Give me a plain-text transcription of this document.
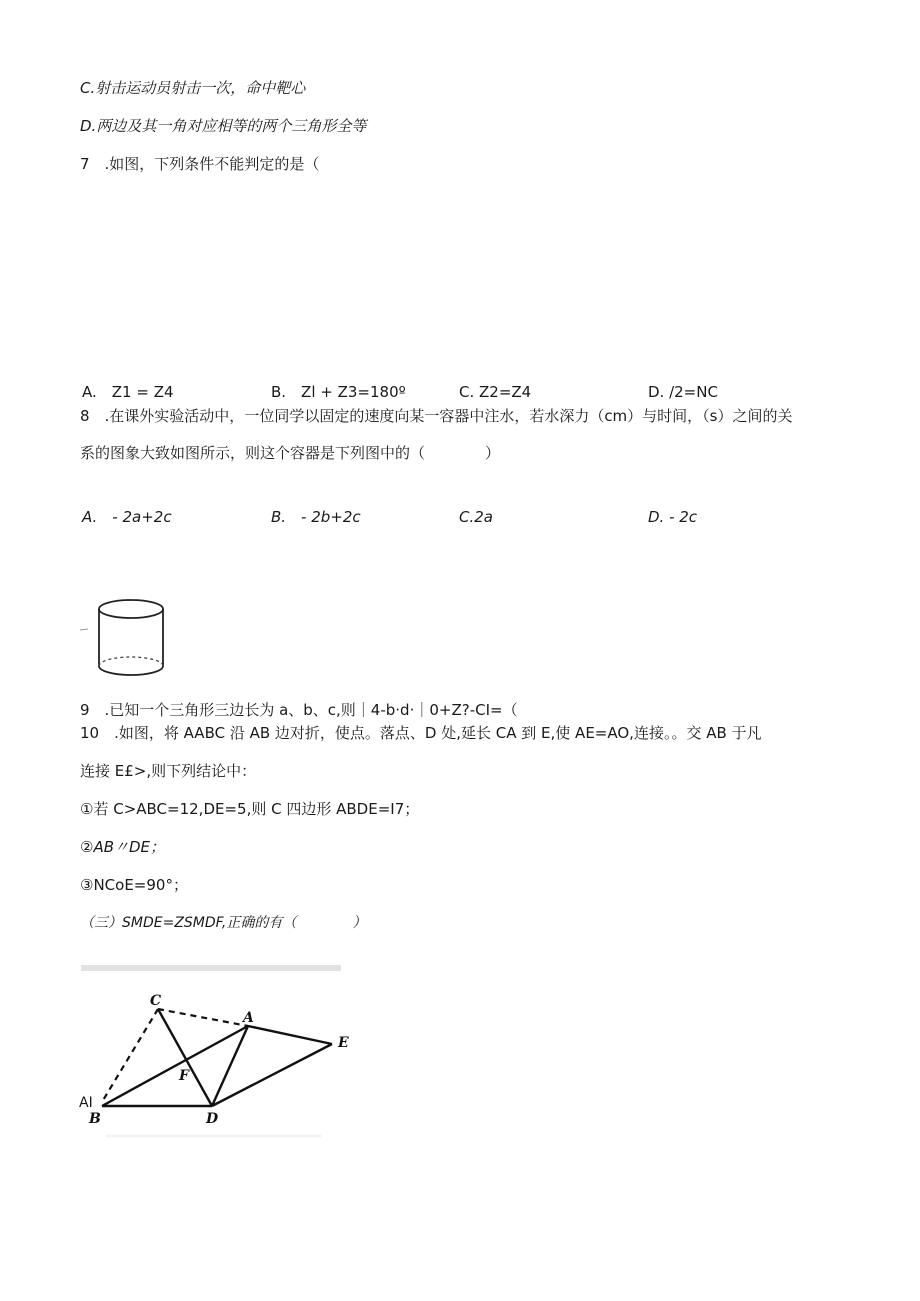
C.射击运动员射击一次，命中靶心
D.两边及其一角对应相等的两个三角形全等
7　.如图，下列条件不能判定的是（
A.　Z1 = Z4	B.　Zl + Z3=180º	C. Z2=Z4	D. /2=NC
8　.在课外实验活动中，一位同学以固定的速度向某一容器中注水，若水深力（cm）与时间，（s）之间的关
系的图象大致如图所示，则这个容器是下列图中的（　　　　）
A.　- 2a+2c	B.　- 2b+2c	C.2a	D. - 2c
9　.已知一个三角形三边长为 a、b、c,则｜4-b·d·｜0+Z?-CI=（
10　.如图，将 AABC 沿 AB 边对折，使点。落点、D 处,延长 CA 到 E,使 AE=AO,连接。。交 AB 于凡
连接 E£>,则下列结论中：
①若 C>ABC=12,DE=5,则 C 四边形 ABDE=I7；
②AB〃DE；
③NCoE=90°；
（三）SMDE=ZSMDF,正确的有（　　　　）
C
A
E
F
B	D
AI
